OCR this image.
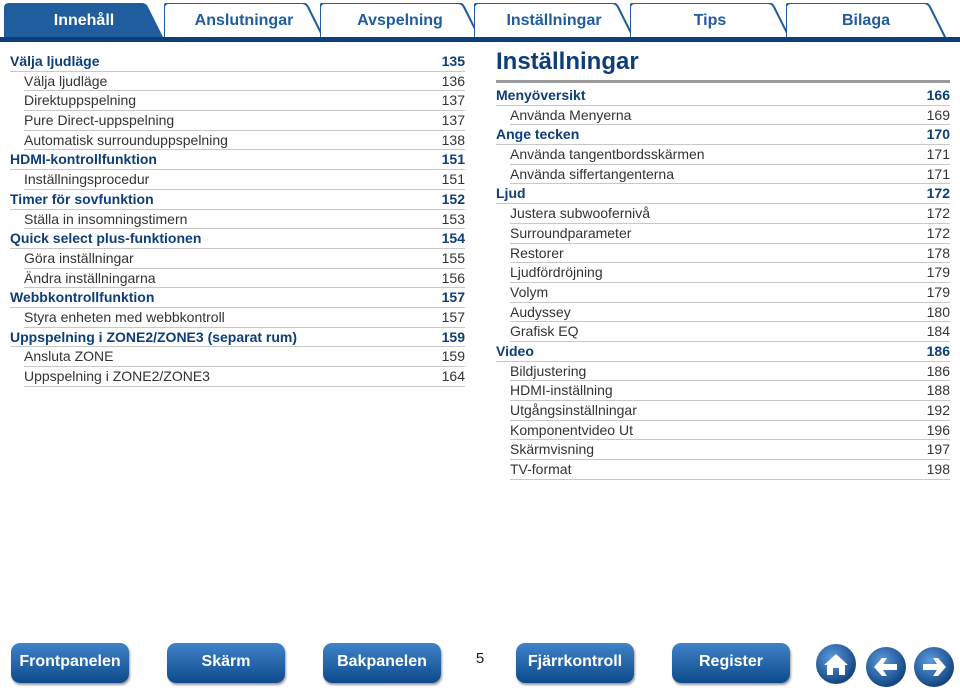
Innehåll	Anslutningar	Avspelning	Inställningar	Tips	Bilaga
Välja ljudläge	135
Välja ljudläge	136
Direktuppspelning	137
Pure Direct-uppspelning	137
Automatisk surrounduppspelning	138
HDMI-kontrollfunktion	151
Inställningsprocedur	151
Timer för sovfunktion	152
Ställa in insomningstimern	153
Quick select plus-funktionen	154
Göra inställningar	155
Ändra inställningarna	156
Webbkontrollfunktion	157
Styra enheten med webbkontroll	157
Uppspelning i ZONE2/ZONE3 (separat rum)	159
Ansluta ZONE	159
Uppspelning i ZONE2/ZONE3	164
Inställningar
Menyöversikt	166
Använda Menyerna	169
Ange tecken	170
Använda tangentbordsskärmen	171
Använda siffertangenterna	171
Ljud	172
Justera subwoofernivå	172
Surroundparameter	172
Restorer	178
Ljudfördröjning	179
Volym	179
Audyssey	180
Grafisk EQ	184
Video	186
Bildjustering	186
HDMI-inställning	188
Utgångsinställningar	192
Komponentvideo Ut	196
Skärmvisning	197
TV-format	198
Frontpanelen	Skärm	Bakpanelen	5	Fjärrkontroll	Register
